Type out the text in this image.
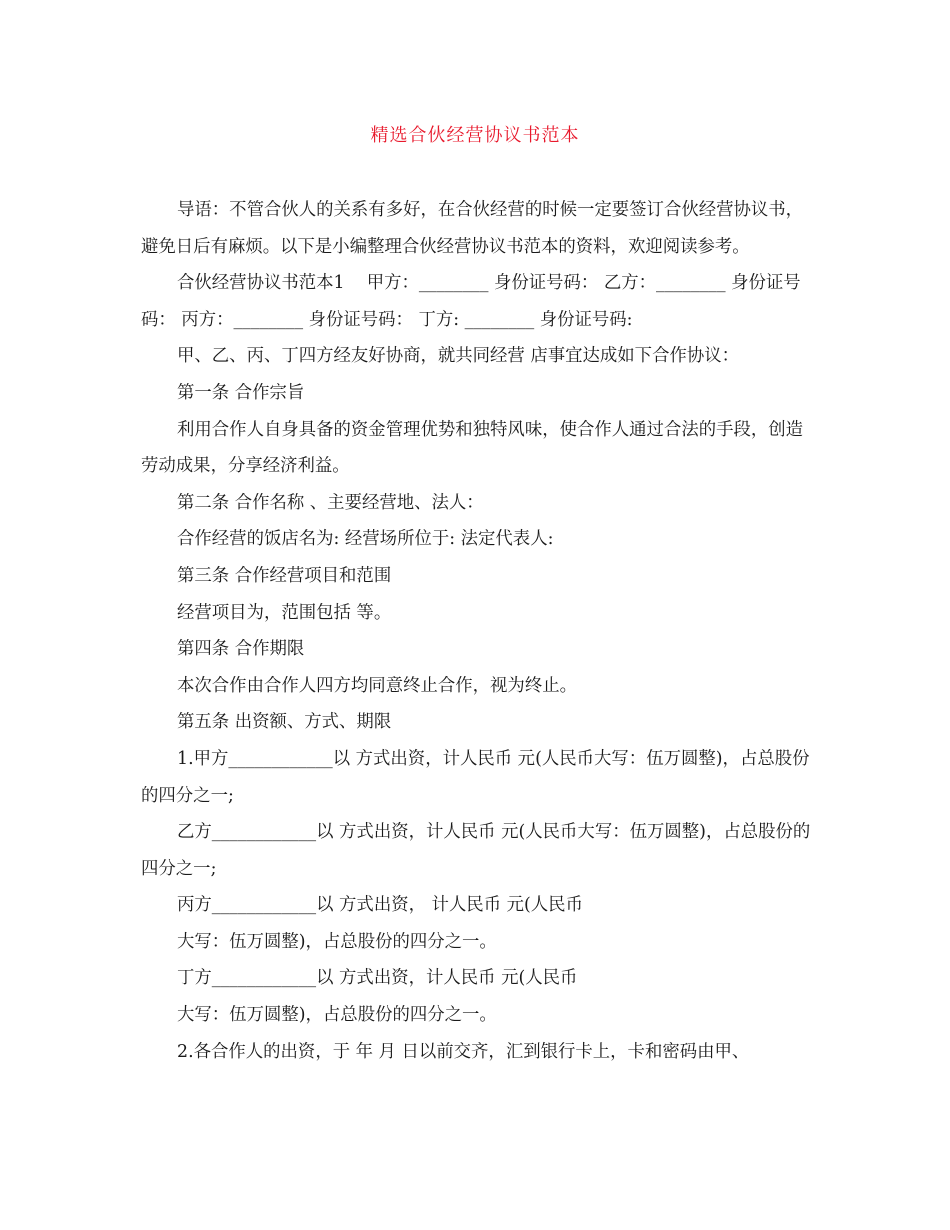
精选合伙经营协议书范本

导语：不管合伙人的关系有多好，在合伙经营的时候一定要签订合伙经营协议书，避免日后有麻烦。以下是小编整理合伙经营协议书范本的资料，欢迎阅读参考。

合伙经营协议书范本1    甲方：________ 身份证号码： 乙方：________ 身份证号码： 丙方：________ 身份证号码： 丁方: ________ 身份证号码:

甲、乙、丙、丁四方经友好协商，就共同经营 店事宜达成如下合作协议：

第一条 合作宗旨

利用合作人自身具备的资金管理优势和独特风味，使合作人通过合法的手段，创造劳动成果，分享经济利益。

第二条 合作名称 、主要经营地、法人：

合作经营的饭店名为: 经营场所位于: 法定代表人:

第三条 合作经营项目和范围

经营项目为，范围包括 等。

第四条 合作期限

本次合作由合作人四方均同意终止合作，视为终止。

第五条 出资额、方式、期限

1.甲方____________以 方式出资，计人民币 元(人民币大写：伍万圆整)，占总股份的四分之一;

乙方____________以 方式出资，计人民币 元(人民币大写：伍万圆整)，占总股份的四分之一;

丙方____________以 方式出资， 计人民币 元(人民币

大写：伍万圆整)，占总股份的四分之一。

丁方____________以 方式出资，计人民币 元(人民币

大写：伍万圆整)，占总股份的四分之一。

2.各合作人的出资，于 年 月 日以前交齐，汇到银行卡上，卡和密码由甲、
